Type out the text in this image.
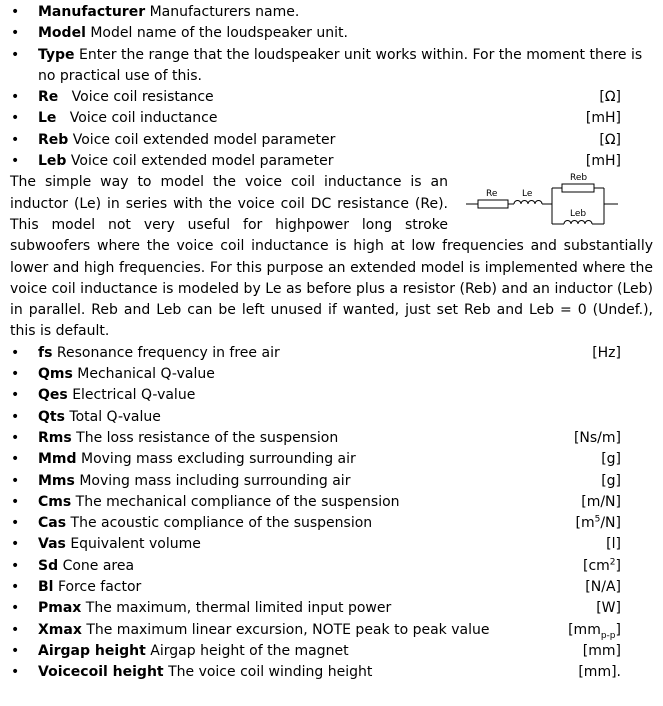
• Manufacturer Manufacturers name.
• Model Model name of the loudspeaker unit.
• Type Enter the range that the loudspeaker unit works within. For the moment there is no practical use of this.
• Re Voice coil resistance	[Ω]
• Le Voice coil inductance	[mH]
• Reb Voice coil extended model parameter	[Ω]
• Leb Voice coil extended model parameter	[mH]
Re	Le
Reb
Leb
The simple way to model the voice coil inductance is an inductor (Le) in series with the voice coil DC resistance (Re). This model not very useful for highpower long stroke subwoofers where the voice coil inductance is high at low frequencies and substantially lower and high frequencies. For this purpose an extended model is implemented where the voice coil inductance is modeled by Le as before plus a resistor (Reb) and an inductor (Leb) in parallel. Reb and Leb can be left unused if wanted, just set Reb and Leb = 0 (Undef.), this is default.
• fs Resonance frequency in free air	[Hz]
• Qms Mechanical Q-value
• Qes Electrical Q-value
• Qts Total Q-value
• Rms The loss resistance of the suspension	[Ns/m]
• Mmd Moving mass excluding surrounding air	[g]
• Mms Moving mass including surrounding air	[g]
• Cms The mechanical compliance of the suspension	[m/N]
• Cas The acoustic compliance of the suspension	$[m^5/N]$
• Vas Equivalent volume	[l]
• Sd Cone area	$[cm^2]$
• Bl Force factor	[N/A]
• Pmax The maximum, thermal limited input power	[W]
• Xmax The maximum linear excursion, NOTE peak to peak value	$[mm_{p-p}]$
• Airgap height Airgap height of the magnet	[mm]
• Voicecoil height The voice coil winding height	[mm].
